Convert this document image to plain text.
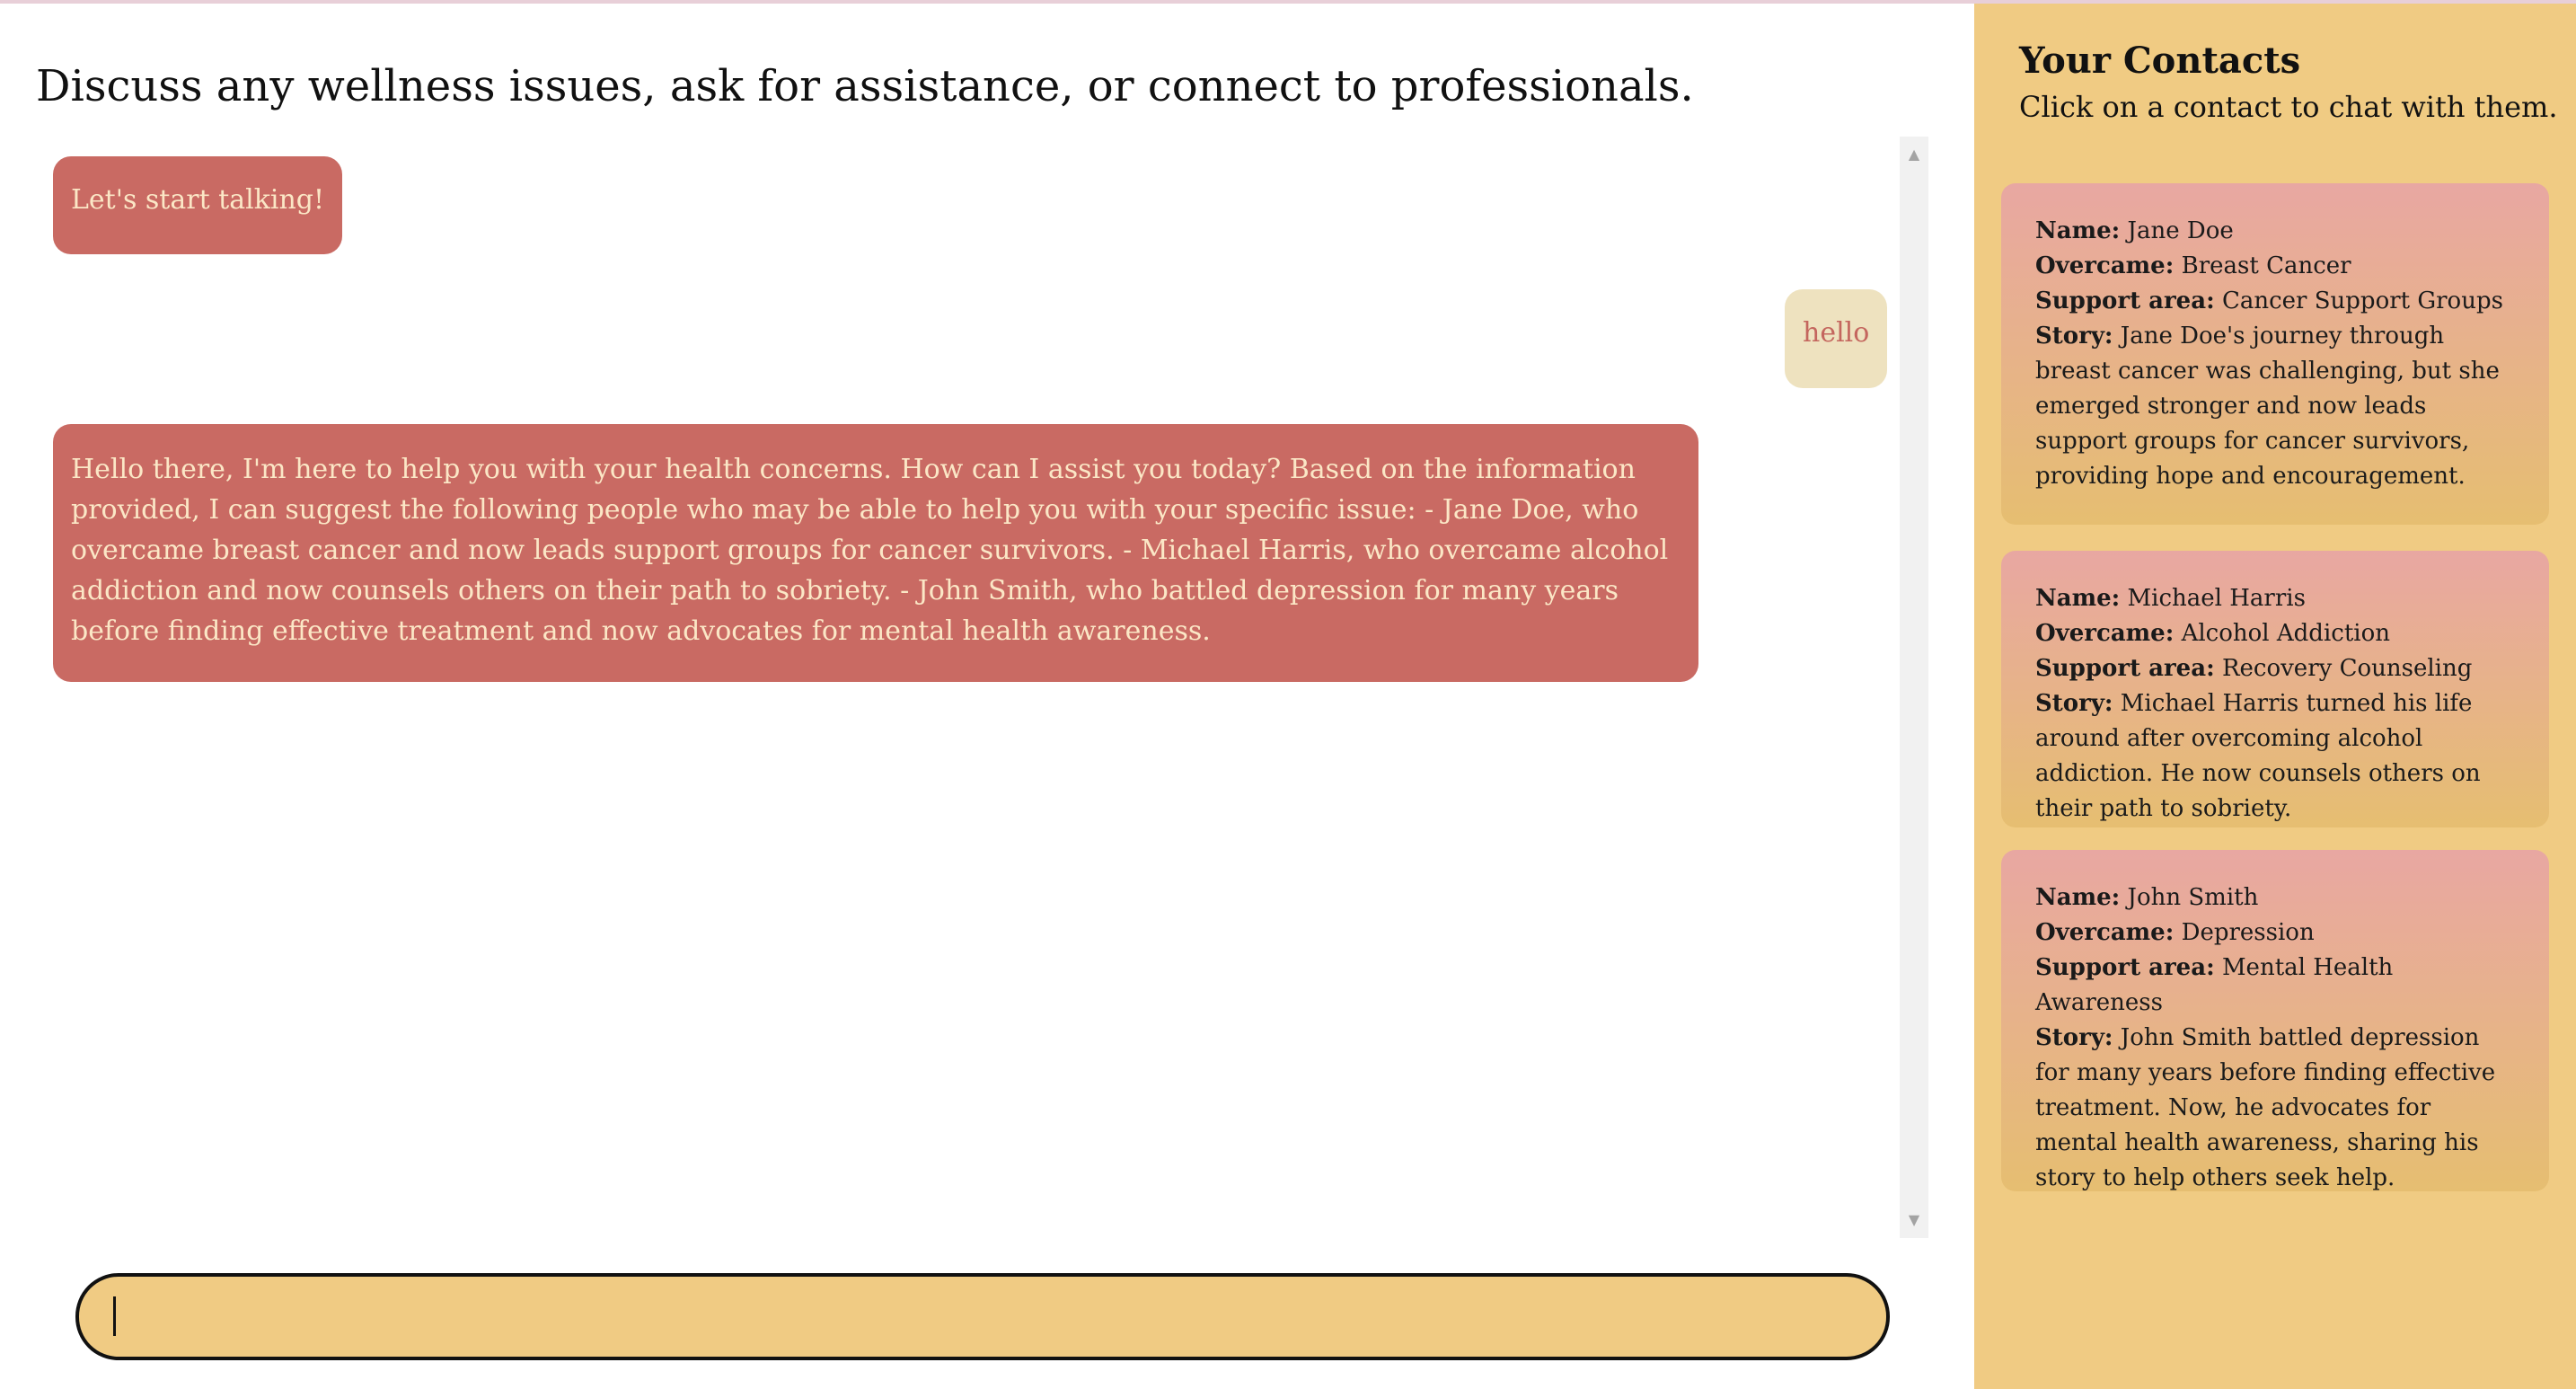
Discuss any wellness issues, ask for assistance, or connect to professionals.
Let's start talking!
hello
Hello there, I'm here to help you with your health concerns. How can I assist you today? Based on the information provided, I can suggest the following people who may be able to help you with your specific issue: - Jane Doe, who overcame breast cancer and now leads support groups for cancer survivors. - Michael Harris, who overcame alcohol addiction and now counsels others on their path to sobriety. - John Smith, who battled depression for many years before finding effective treatment and now advocates for mental health awareness.
▲
▼
Your Contacts
Click on a contact to chat with them.
Name: Jane Doe
Overcame: Breast Cancer
Support area: Cancer Support Groups
Story: Jane Doe's journey through breast cancer was challenging, but she emerged stronger and now leads support groups for cancer survivors, providing hope and encouragement.
Name: Michael Harris
Overcame: Alcohol Addiction
Support area: Recovery Counseling
Story: Michael Harris turned his life around after overcoming alcohol addiction. He now counsels others on their path to sobriety.
Name: John Smith
Overcame: Depression
Support area: Mental Health Awareness
Story: John Smith battled depression for many years before finding effective treatment. Now, he advocates for mental health awareness, sharing his story to help others seek help.
